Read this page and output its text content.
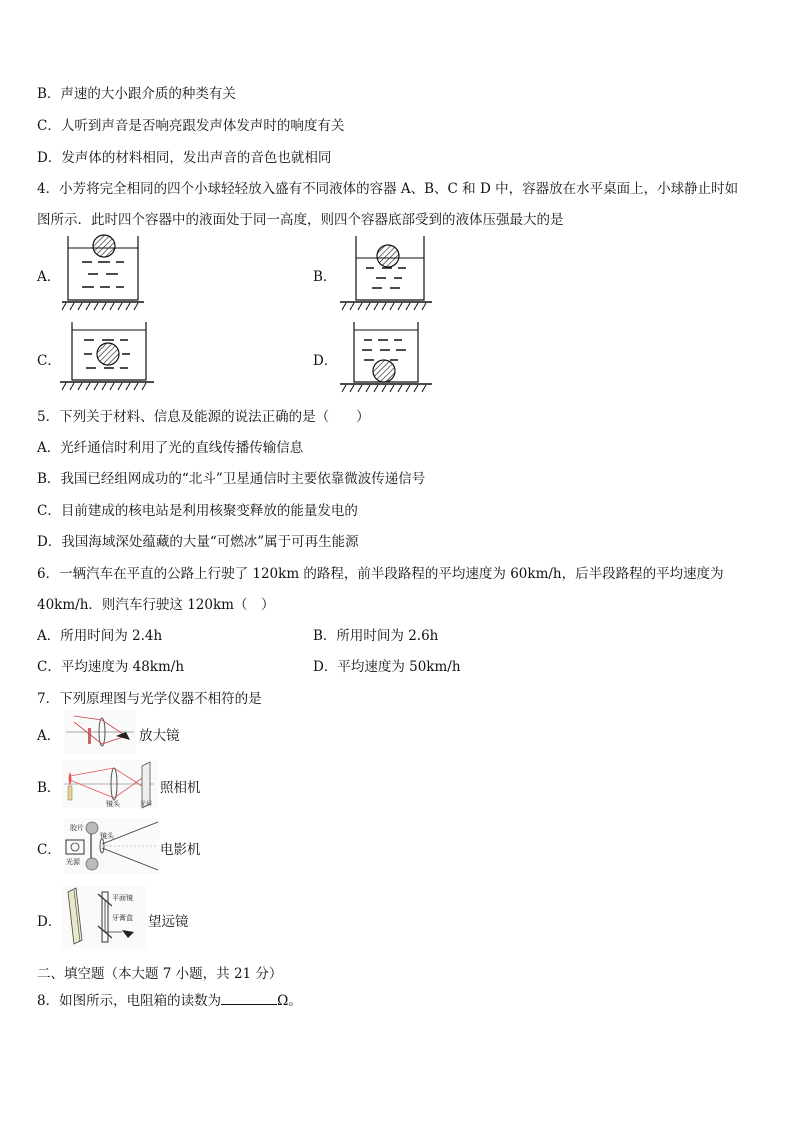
B．声速的大小跟介质的种类有关
C．人听到声音是否响亮跟发声体发声时的响度有关
D．发声体的材料相同，发出声音的音色也就相同
4．小芳将完全相同的四个小球轻轻放入盛有不同液体的容器 A、B、C 和 D 中，容器放在水平桌面上，小球静止时如
图所示．此时四个容器中的液面处于同一高度，则四个容器底部受到的液体压强最大的是
A．	B．
C．	D．
5．下列关于材料、信息及能源的说法正确的是（　　）
A．光纤通信时利用了光的直线传播传输信息
B．我国已经组网成功的“北斗”卫星通信时主要依靠微波传递信号
C．目前建成的核电站是利用核聚变释放的能量发电的
D．我国海域深处蕴藏的大量“可燃冰”属于可再生能源
6．一辆汽车在平直的公路上行驶了 120km 的路程，前半段路程的平均速度为 60km/h，后半段路程的平均速度为
40km/h．则汽车行驶这 120km（　）
A．所用时间为 2.4h	B．所用时间为 2.6h
C．平均速度为 48km/h	D．平均速度为 50km/h
7．下列原理图与光学仪器不相符的是
A．	放大镜
B．
镜头	光屏
照相机
C．
胶片
镜头
光源
电影机
D．
平面镜
牙膏盒 望远镜
二、填空题（本大题 7 小题，共 21 分）
8．如图所示，电阻箱的读数为	Ω。
